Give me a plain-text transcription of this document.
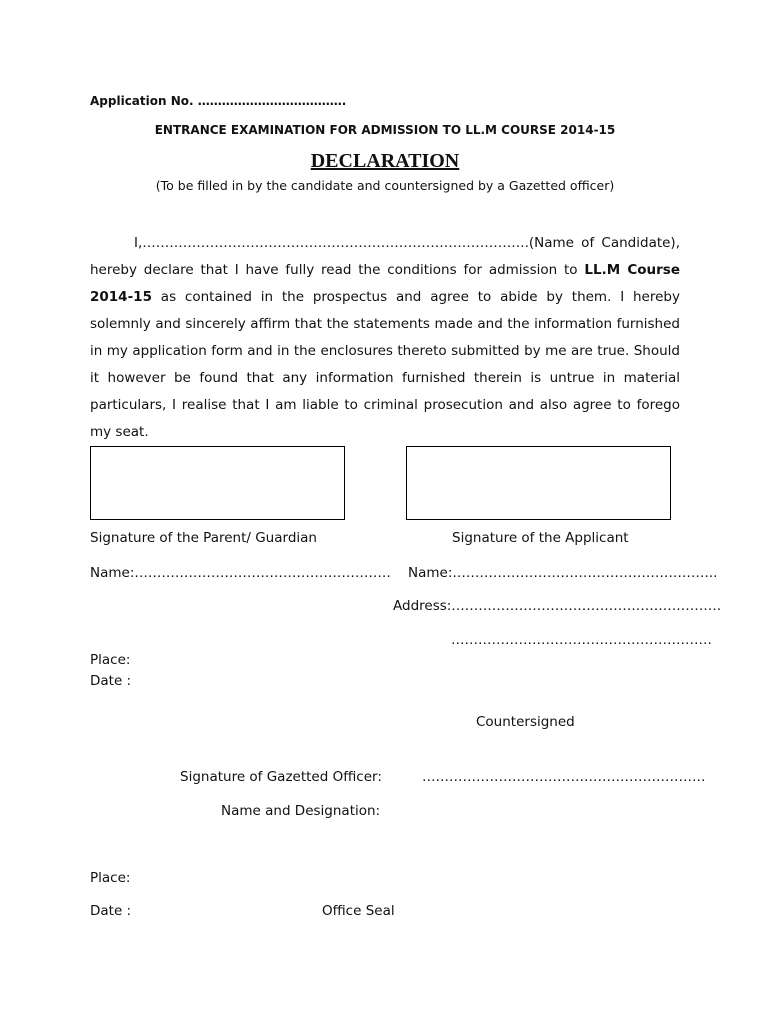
Application No. ……………………………….
ENTRANCE EXAMINATION FOR ADMISSION TO LL.M COURSE 2014-15
DECLARATION
(To be filled in by the candidate and countersigned by a Gazetted officer)

I,…………………………………………………………………………..(Name of Candidate), hereby declare that I have fully read the conditions for admission to LL.M Course 2014-15 as contained in the prospectus and agree to abide by them. I hereby solemnly and sincerely affirm that the statements made and the information furnished in my application form and in the enclosures thereto submitted by me are true. Should it however be found that any information furnished therein is untrue in material particulars, I realise that I am liable to criminal prosecution and also agree to forego my seat.

Signature of the Parent/ Guardian	Signature of the Applicant
Name:………………………………………………… Name:…………………………………………………..
Address:……………………………………………………
………………………………………………….
Place:
Date :
Countersigned
Signature of Gazetted Officer:	………………………………………………………
Name and Designation:
Place:
Date :	Office Seal
